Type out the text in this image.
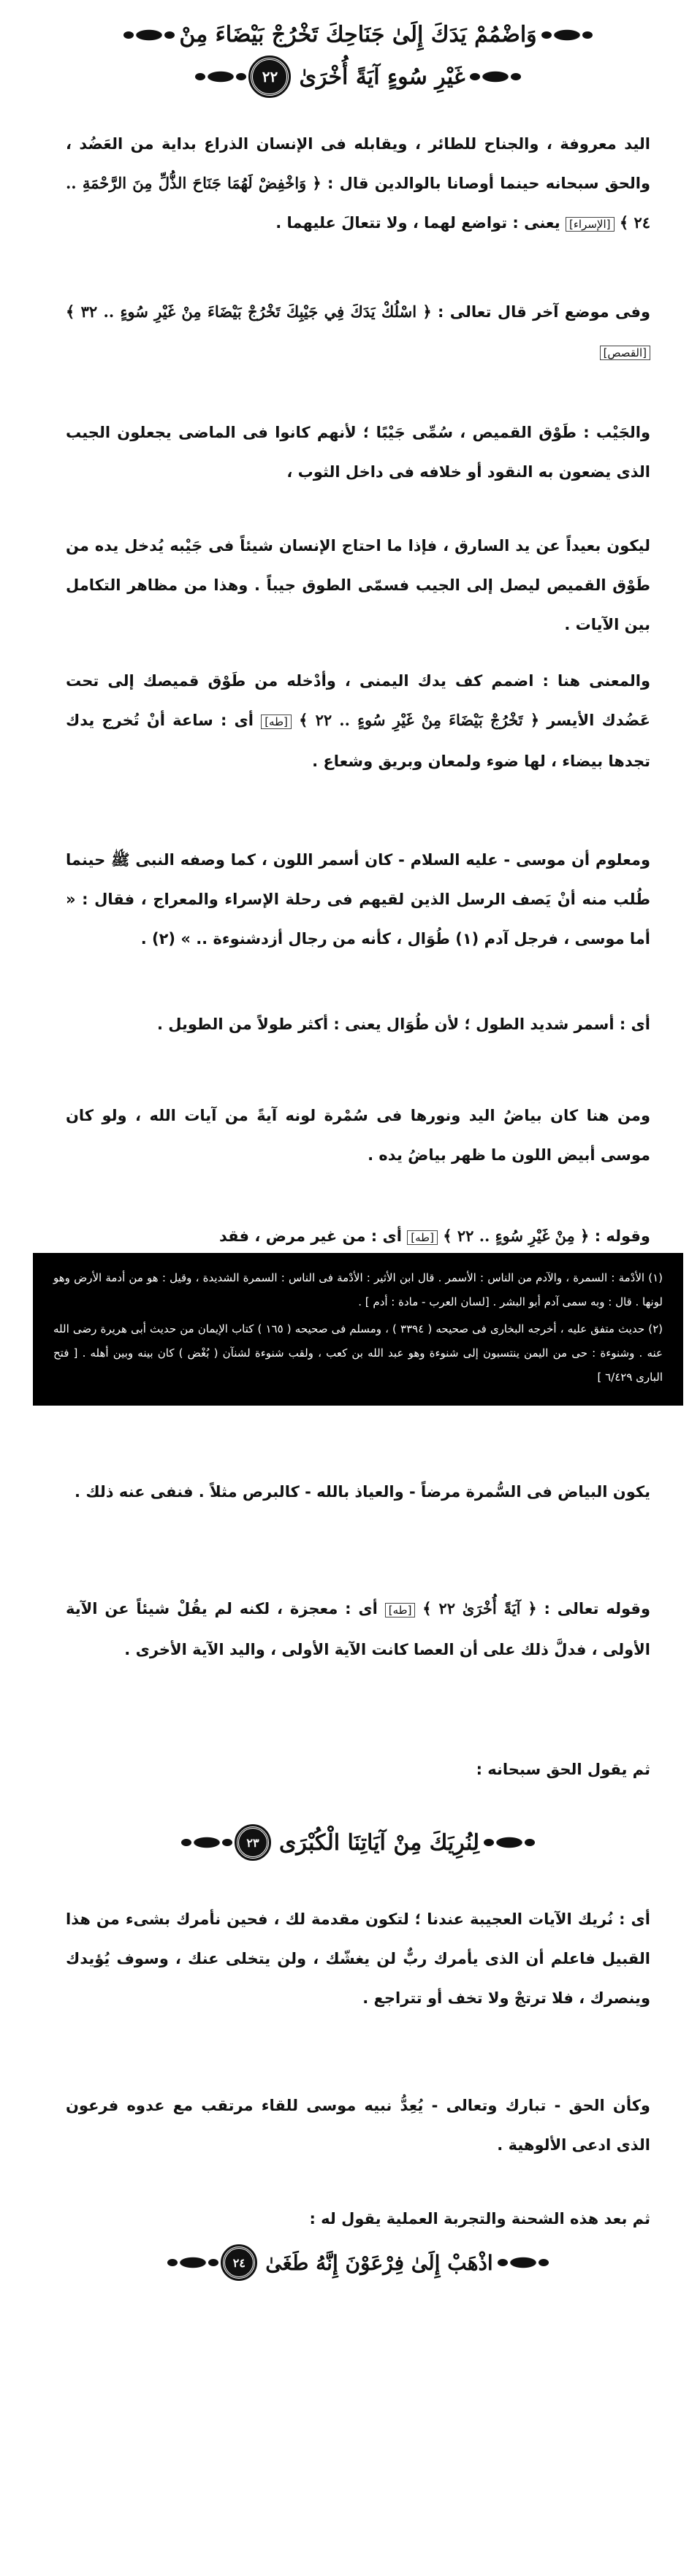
وَاضْمُمْ يَدَكَ إِلَىٰ جَنَاحِكَ تَخْرُجْ بَيْضَاءَ مِنْ
غَيْرِ سُوءٍ آيَةً أُخْرَىٰ
٢٢

اليد معروفة ، والجناح للطائر ، ويقابله فى الإنسان الذراع بداية من العَضُد ، والحق سبحانه حينما أوصانا بالوالدين قال : ﴿ وَاخْفِضْ لَهُمَا جَنَاحَ الذُّلِّ مِنَ الرَّحْمَةِ .. ٢٤ ﴾ [الإسراء] يعنى : تواضع لهما ، ولا تتعالَ عليهما .

وفى موضع آخر قال تعالى : ﴿ اسْلُكْ يَدَكَ فِي جَيْبِكَ تَخْرُجْ بَيْضَاءَ مِنْ غَيْرِ سُوءٍ .. ٣٢ ﴾ [القصص]

والجَيْب : طَوْق القميص ، سُمِّى جَيْبًا ؛ لأنهم كانوا فى الماضى يجعلون الجيب الذى يضعون به النقود أو خلافه فى داخل الثوب ،

ليكون بعيداً عن يد السارق ، فإذا ما احتاج الإنسان شيئاً فى جَيْبه يُدخل يده من طَوْق القميص ليصل إلى الجيب فسمّى الطوق جيباً . وهذا من مظاهر التكامل بين الآيات .

والمعنى هنا : اضمم كف يدك اليمنى ، وأدْخله من طَوْق قميصك إلى تحت عَضُدك الأيسر ﴿ تَخْرُجْ بَيْضَاءَ مِنْ غَيْرِ سُوءٍ .. ٢٢ ﴾ [طه] أى : ساعة أنْ تُخرج يدك تجدها بيضاء ، لها ضوء ولمعان وبريق وشعاع .

ومعلوم أن موسى - عليه السلام - كان أسمر اللون ، كما وصفه النبى ﷺ حينما طُلب منه أنْ يَصف الرسل الذين لقيهم فى رحلة الإسراء والمعراج ، فقال : « أما موسى ، فرجل آدم (١) طُوَال ، كأنه من رجال أزدشنوءة .. » (٢) .

أى : أسمر شديد الطول ؛ لأن طُوَال يعنى : أكثر طولاً من الطويل .

ومن هنا كان بياضُ اليد ونورها فى سُمْرة لونه آيةً من آيات الله ، ولو كان موسى أبيض اللون ما ظهر بياضُ يده .

وقوله : ﴿ مِنْ غَيْرِ سُوءٍ .. ٢٢ ﴾ [طه] أى : من غير مرض ، فقد

(١) الأدْمة : السمرة ، والآدم من الناس : الأسمر . قال ابن الأثير : الأدْمة فى الناس : السمرة الشديدة ، وقيل : هو من أدمة الأرض وهو لونها . قال : وبه سمى آدم أبو البشر . [لسان العرب - مادة : أدم ] .

(٢) حديث متفق عليه ، أخرجه البخارى فى صحيحه ( ٣٣٩٤ ) ، ومسلم فى صحيحه ( ١٦٥ ) كتاب الإيمان من حديث أبى هريرة رضى الله عنه . وشنوءة : حى من اليمن ينتسبون إلى شنوءة وهو عبد الله بن كعب ، ولقب شنوءة لشنآن ( بُغْض ) كان بينه وبين أهله . [ فتح البارى ٦/٤٢٩ ]

يكون البياض فى السُّمرة مرضاً - والعياذ بالله - كالبرص مثلاً . فنفى عنه ذلك .

وقوله تعالى : ﴿ آيَةً أُخْرَىٰ ٢٢ ﴾ [طه] أى : معجزة ، لكنه لم يقُلْ شيئاً عن الآية الأولى ، فدلَّ ذلك على أن العصا كانت الآية الأولى ، واليد الآية الأخرى .

ثم يقول الحق سبحانه :

لِنُرِيَكَ مِنْ آيَاتِنَا الْكُبْرَى
٢٣

أى : نُريك الآيات العجيبة عندنا ؛ لتكون مقدمة لك ، فحين نأمرك بشىء من هذا القبيل فاعلم أن الذى يأمرك ربٌّ لن يغشّك ، ولن يتخلى عنك ، وسوف يُؤيدك وينصرك ، فلا ترتجْ ولا تخف أو تتراجع .

وكأن الحق - تبارك وتعالى - يُعِدُّ نبيه موسى للقاء مرتقب مع عدوه فرعون الذى ادعى الألوهية .

ثم بعد هذه الشحنة والتجربة العملية يقول له :

اذْهَبْ إِلَىٰ فِرْعَوْنَ إِنَّهُ طَغَىٰ
٢٤
